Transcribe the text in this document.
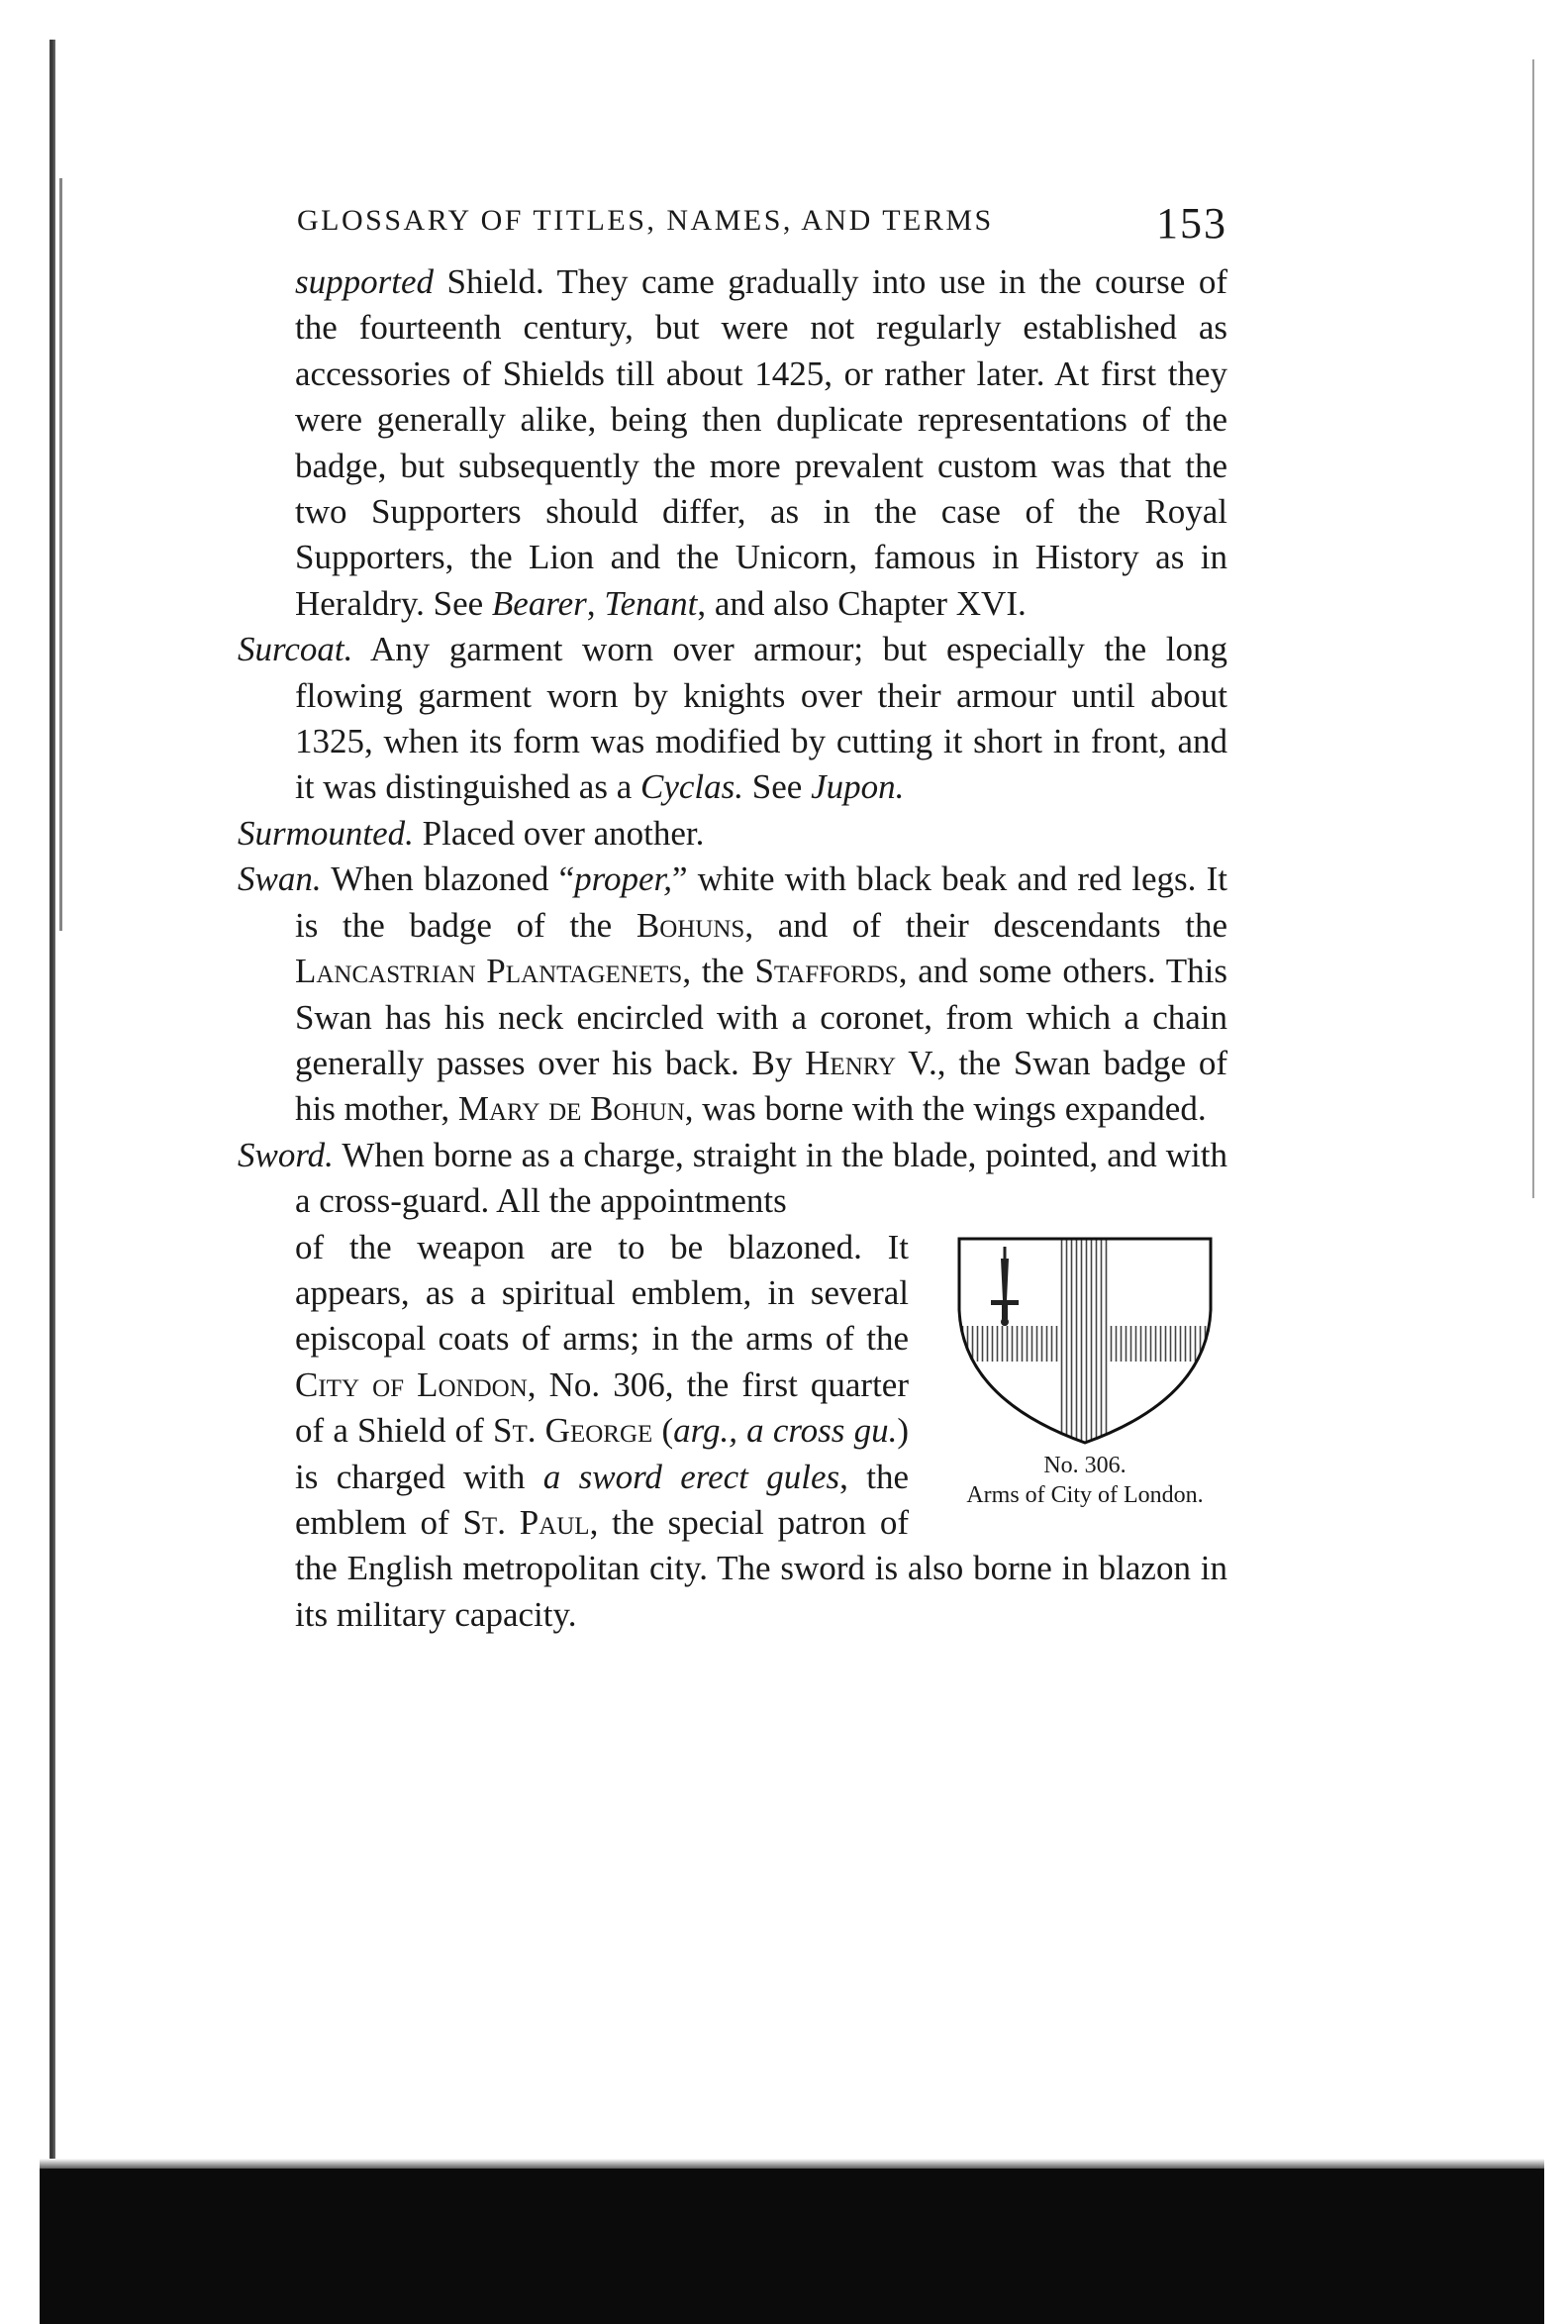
GLOSSARY OF TITLES, NAMES, AND TERMS	153

supported Shield. They came gradually into use in the course of the fourteenth century, but were not regularly established as accessories of Shields till about 1425, or rather later. At first they were generally alike, being then duplicate representations of the badge, but subsequently the more prevalent custom was that the two Supporters should differ, as in the case of the Royal Supporters, the Lion and the Unicorn, famous in History as in Heraldry. See Bearer, Tenant, and also Chapter XVI.

Surcoat. Any garment worn over armour; but especially the long flowing garment worn by knights over their armour until about 1325, when its form was modified by cutting it short in front, and it was distinguished as a Cyclas. See Jupon.

Surmounted. Placed over another.

Swan. When blazoned “proper,” white with black beak and red legs. It is the badge of the Bohuns, and of their descendants the Lancastrian Plantagenets, the Staffords, and some others. This Swan has his neck encircled with a coronet, from which a chain generally passes over his back. By Henry V., the Swan badge of his mother, Mary de Bohun, was borne with the wings expanded.

Sword. When borne as a charge, straight in the blade, pointed, and with a cross-guard. All the appointments

No. 306.
Arms of City of London.

of the weapon are to be blazoned. It appears, as a spiritual emblem, in several episcopal coats of arms; in the arms of the City of London, No. 306, the first quarter of a Shield of St. George (arg., a cross gu.) is charged with a sword erect gules, the emblem of St. Paul, the special patron of the English metropolitan city. The sword is also borne in blazon in its military capacity.
